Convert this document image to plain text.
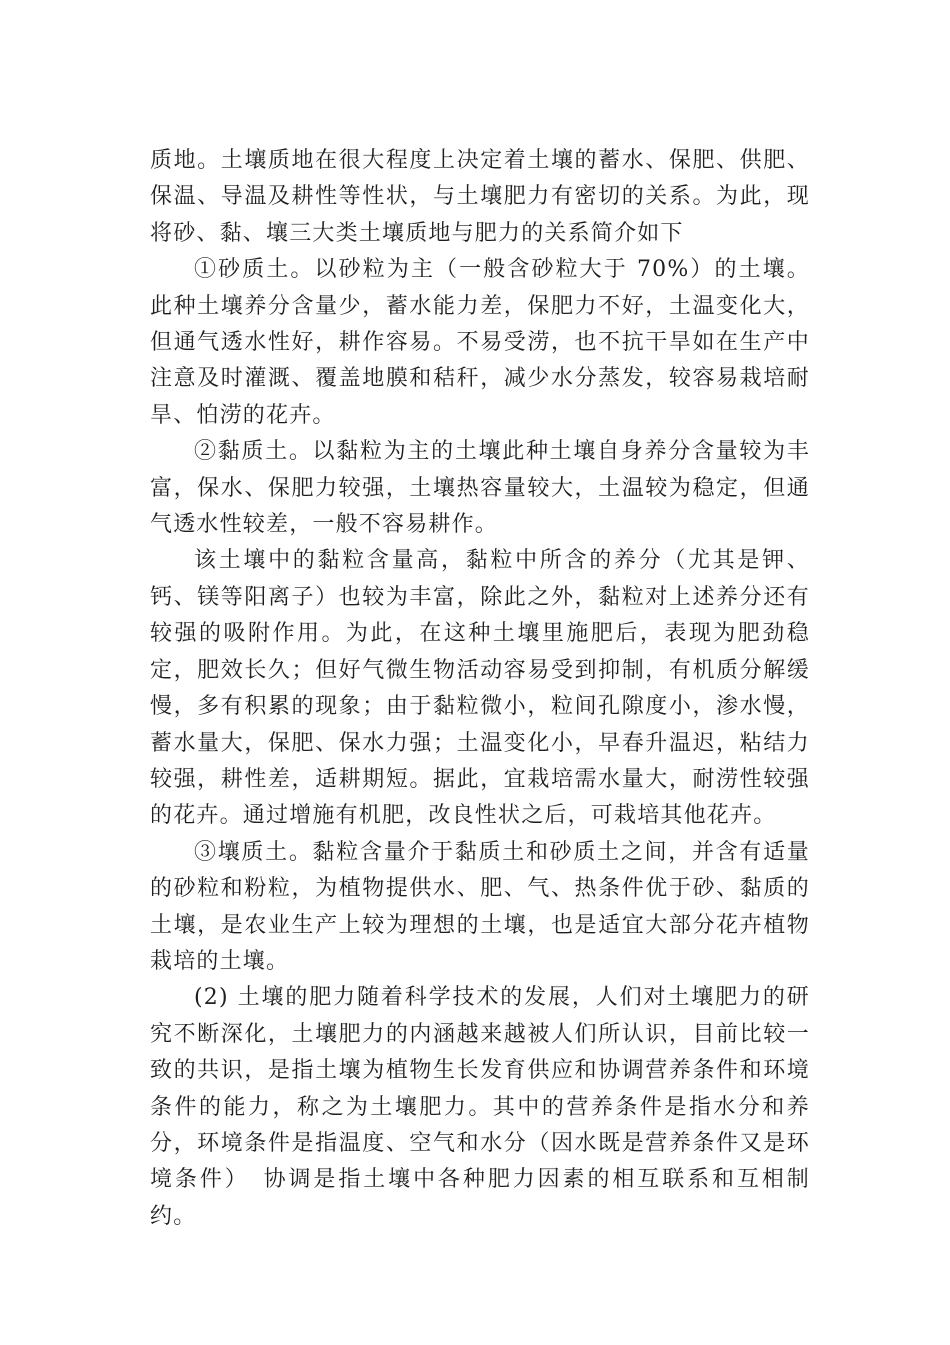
质地。土壤质地在很大程度上决定着土壤的蓄水、保肥、供肥、保温、导温及耕性等性状，与土壤肥力有密切的关系。为此，现将砂、黏、壤三大类土壤质地与肥力的关系简介如下

①砂质土。以砂粒为主（一般含砂粒大于 70%）的土壤。此种土壤养分含量少，蓄水能力差，保肥力不好，土温变化大，但通气透水性好，耕作容易。不易受涝，也不抗干旱如在生产中注意及时灌溉、覆盖地膜和秸秆，减少水分蒸发，较容易栽培耐旱、怕涝的花卉。

②黏质土。以黏粒为主的土壤此种土壤自身养分含量较为丰富，保水、保肥力较强，土壤热容量较大，土温较为稳定，但通气透水性较差，一般不容易耕作。

该土壤中的黏粒含量高，黏粒中所含的养分（尤其是钾、钙、镁等阳离子）也较为丰富，除此之外，黏粒对上述养分还有较强的吸附作用。为此，在这种土壤里施肥后，表现为肥劲稳定，肥效长久；但好气微生物活动容易受到抑制，有机质分解缓慢，多有积累的现象；由于黏粒微小，粒间孔隙度小，渗水慢，蓄水量大，保肥、保水力强；土温变化小，早春升温迟，粘结力较强，耕性差，适耕期短。据此，宜栽培需水量大，耐涝性较强的花卉。通过增施有机肥，改良性状之后，可栽培其他花卉。

③壤质土。黏粒含量介于黏质土和砂质土之间，并含有适量的砂粒和粉粒，为植物提供水、肥、气、热条件优于砂、黏质的土壤，是农业生产上较为理想的土壤，也是适宜大部分花卉植物栽培的土壤。

(2) 土壤的肥力随着科学技术的发展，人们对土壤肥力的研究不断深化，土壤肥力的内涵越来越被人们所认识，目前比较一致的共识，是指土壤为植物生长发育供应和协调营养条件和环境条件的能力，称之为土壤肥力。其中的营养条件是指水分和养分，环境条件是指温度、空气和水分（因水既是营养条件又是环境条件）　协调是指土壤中各种肥力因素的相互联系和互相制约。
